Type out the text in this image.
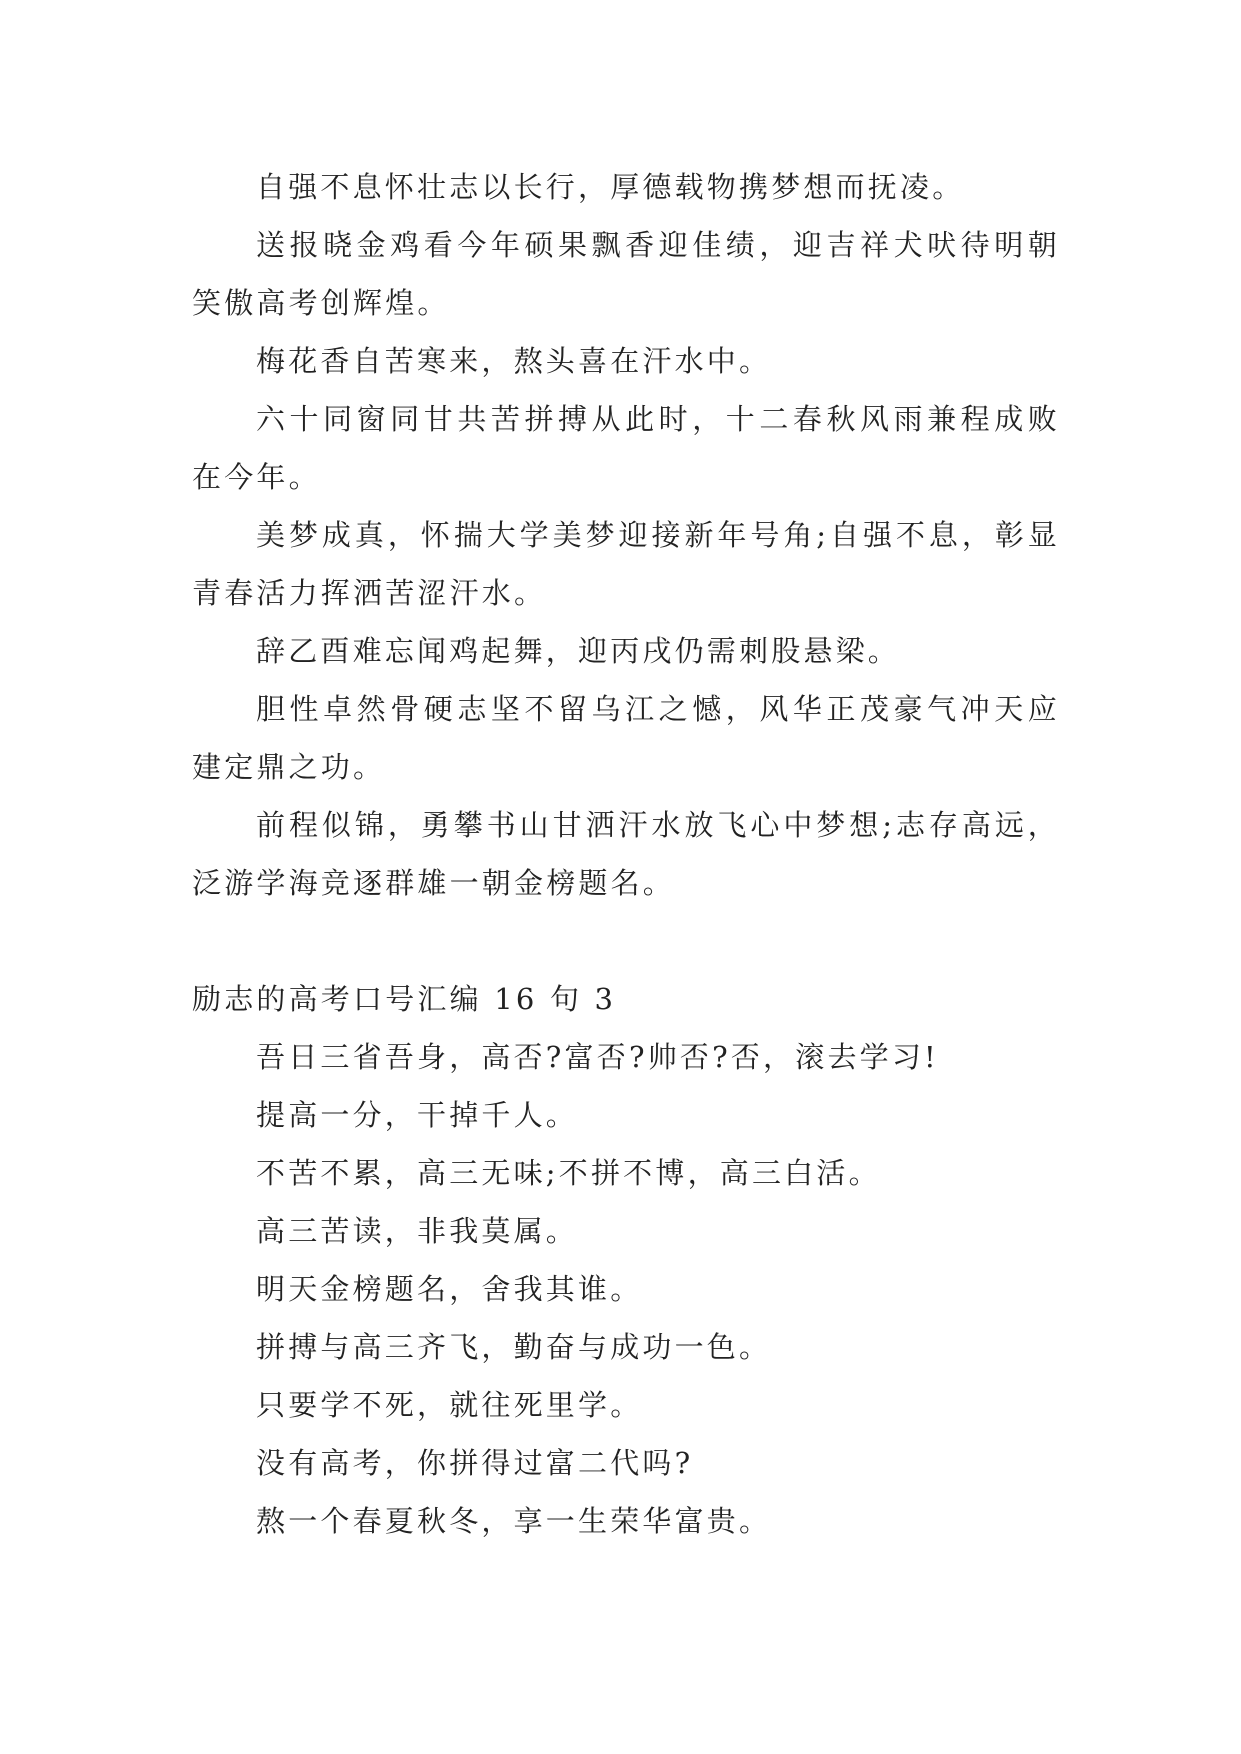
自强不息怀壮志以长行，厚德载物携梦想而抚凌。

送报晓金鸡看今年硕果飘香迎佳绩，迎吉祥犬吠待明朝笑傲高考创辉煌。

梅花香自苦寒来，熬头喜在汗水中。

六十同窗同甘共苦拼搏从此时，十二春秋风雨兼程成败在今年。

美梦成真，怀揣大学美梦迎接新年号角;自强不息，彰显青春活力挥洒苦涩汗水。

辞乙酉难忘闻鸡起舞，迎丙戌仍需刺股悬梁。

胆性卓然骨硬志坚不留乌江之憾，风华正茂豪气冲天应建定鼎之功。

前程似锦，勇攀书山甘洒汗水放飞心中梦想;志存高远，泛游学海竞逐群雄一朝金榜题名。

励志的高考口号汇编 16 句 3

吾日三省吾身，高否?富否?帅否?否，滚去学习!

提高一分，干掉千人。

不苦不累，高三无味;不拼不博，高三白活。

高三苦读，非我莫属。

明天金榜题名，舍我其谁。

拼搏与高三齐飞，勤奋与成功一色。

只要学不死，就往死里学。

没有高考，你拼得过富二代吗?

熬一个春夏秋冬，享一生荣华富贵。
